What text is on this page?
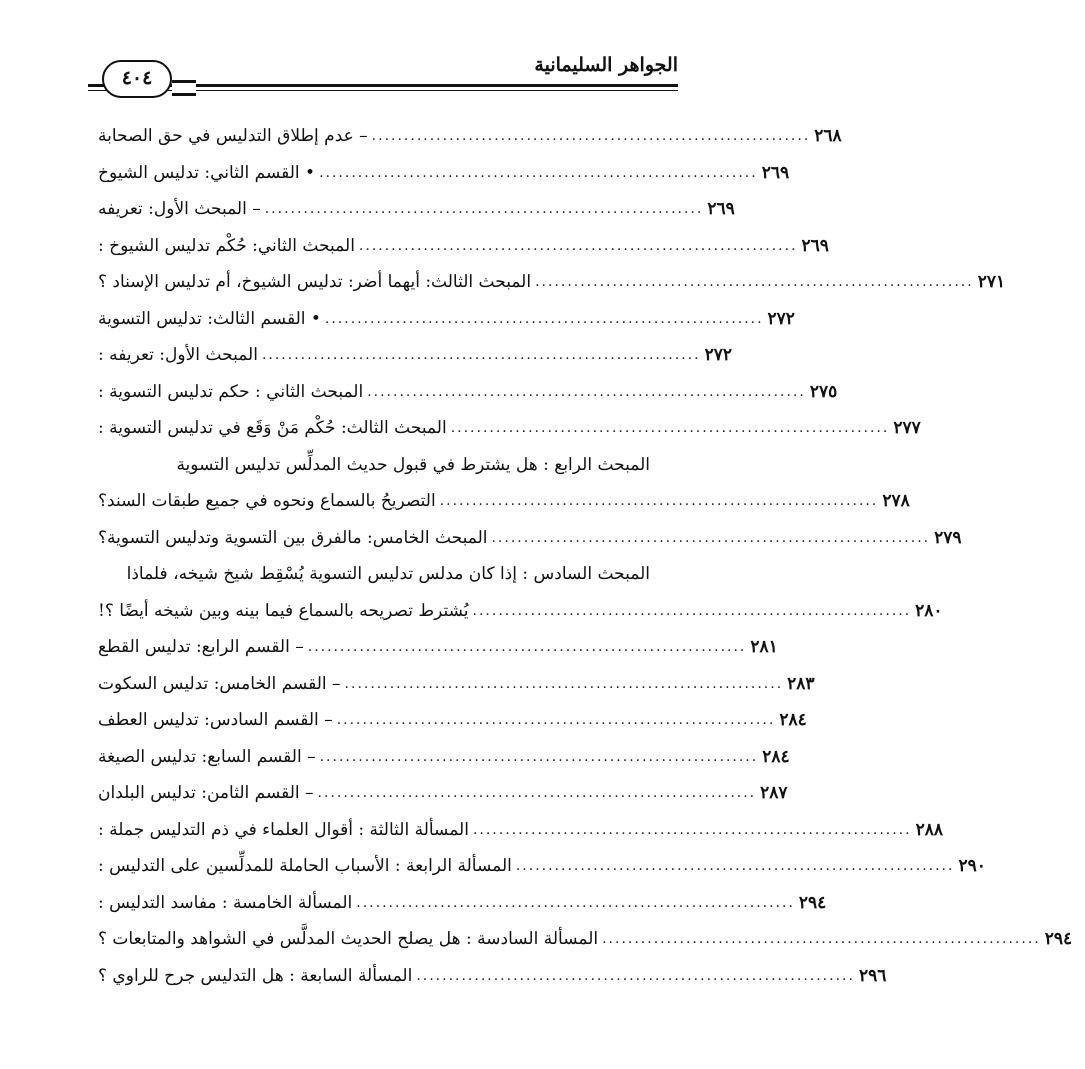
٤٠٤
الجواهر السليمانية
– عدم إطلاق التدليس في حق الصحابة .................................................................... ٢٦٨
• القسم الثاني: تدليس الشيوخ .................................................................... ٢٦٩
– المبحث الأول: تعريفه .................................................................... ٢٦٩
المبحث الثاني: حُكْم تدليس الشيوخ : .................................................................... ٢٦٩
المبحث الثالث: أيهما أضر: تدليس الشيوخ، أم تدليس الإسناد ؟ .................................................................... ٢٧١
• القسم الثالث: تدليس التسوية .................................................................... ٢٧٢
المبحث الأول: تعريفه : .................................................................... ٢٧٢
المبحث الثاني : حكم تدليس التسوية : .................................................................... ٢٧٥
المبحث الثالث: حُكْم مَنْ وَقَع في تدليس التسوية : .................................................................... ٢٧٧
المبحث الرابع : هل يشترط في قبول حديث المدلِّس تدليس التسوية
التصريحُ بالسماع ونحوه في جميع طبقات السند؟ .................................................................... ٢٧٨
المبحث الخامس: مالفرق بين التسوية وتدليس التسوية؟ .................................................................... ٢٧٩
المبحث السادس : إذا كان مدلس تدليس التسوية يُسْقِط شيخ شيخه، فلماذا
يُشترط تصريحه بالسماع فيما بينه وبين شيخه أيضًا ؟! .................................................................... ٢٨٠
– القسم الرابع: تدليس القطع .................................................................... ٢٨١
– القسم الخامس: تدليس السكوت .................................................................... ٢٨٣
– القسم السادس: تدليس العطف .................................................................... ٢٨٤
– القسم السابع: تدليس الصيغة .................................................................... ٢٨٤
– القسم الثامن: تدليس البلدان .................................................................... ٢٨٧
المسألة الثالثة : أقوال العلماء في ذم التدليس جملة : .................................................................... ٢٨٨
المسألة الرابعة : الأسباب الحاملة للمدلِّسين على التدليس : .................................................................... ٢٩٠
المسألة الخامسة : مفاسد التدليس : .................................................................... ٢٩٤
المسألة السادسة : هل يصلح الحديث المدلَّس في الشواهد والمتابعات ؟ .................................................................... ٢٩٤
المسألة السابعة : هل التدليس جرح للراوي ؟ .................................................................... ٢٩٦
